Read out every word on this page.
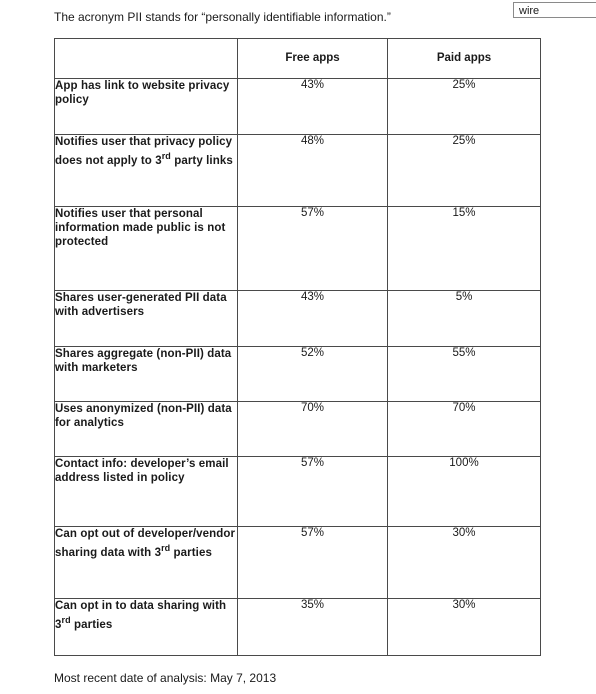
The acronym PII stands for “personally identifiable information.”	wire
	Free apps	Paid apps
App has link to website privacy policy	43%	25%
Notifies user that privacy policy does not apply to 3rd party links	48%	25%
Notifies user that personal information made public is not protected	57%	15%
Shares user-generated PII data with advertisers	43%	5%
Shares aggregate (non-PII) data with marketers	52%	55%
Uses anonymized (non-PII) data for analytics	70%	70%
Contact info: developer’s email address listed in policy	57%	100%
Can opt out of developer/vendor sharing data with 3rd parties	57%	30%
Can opt in to data sharing with 3rd parties	35%	30%
Most recent date of analysis: May 7, 2013
